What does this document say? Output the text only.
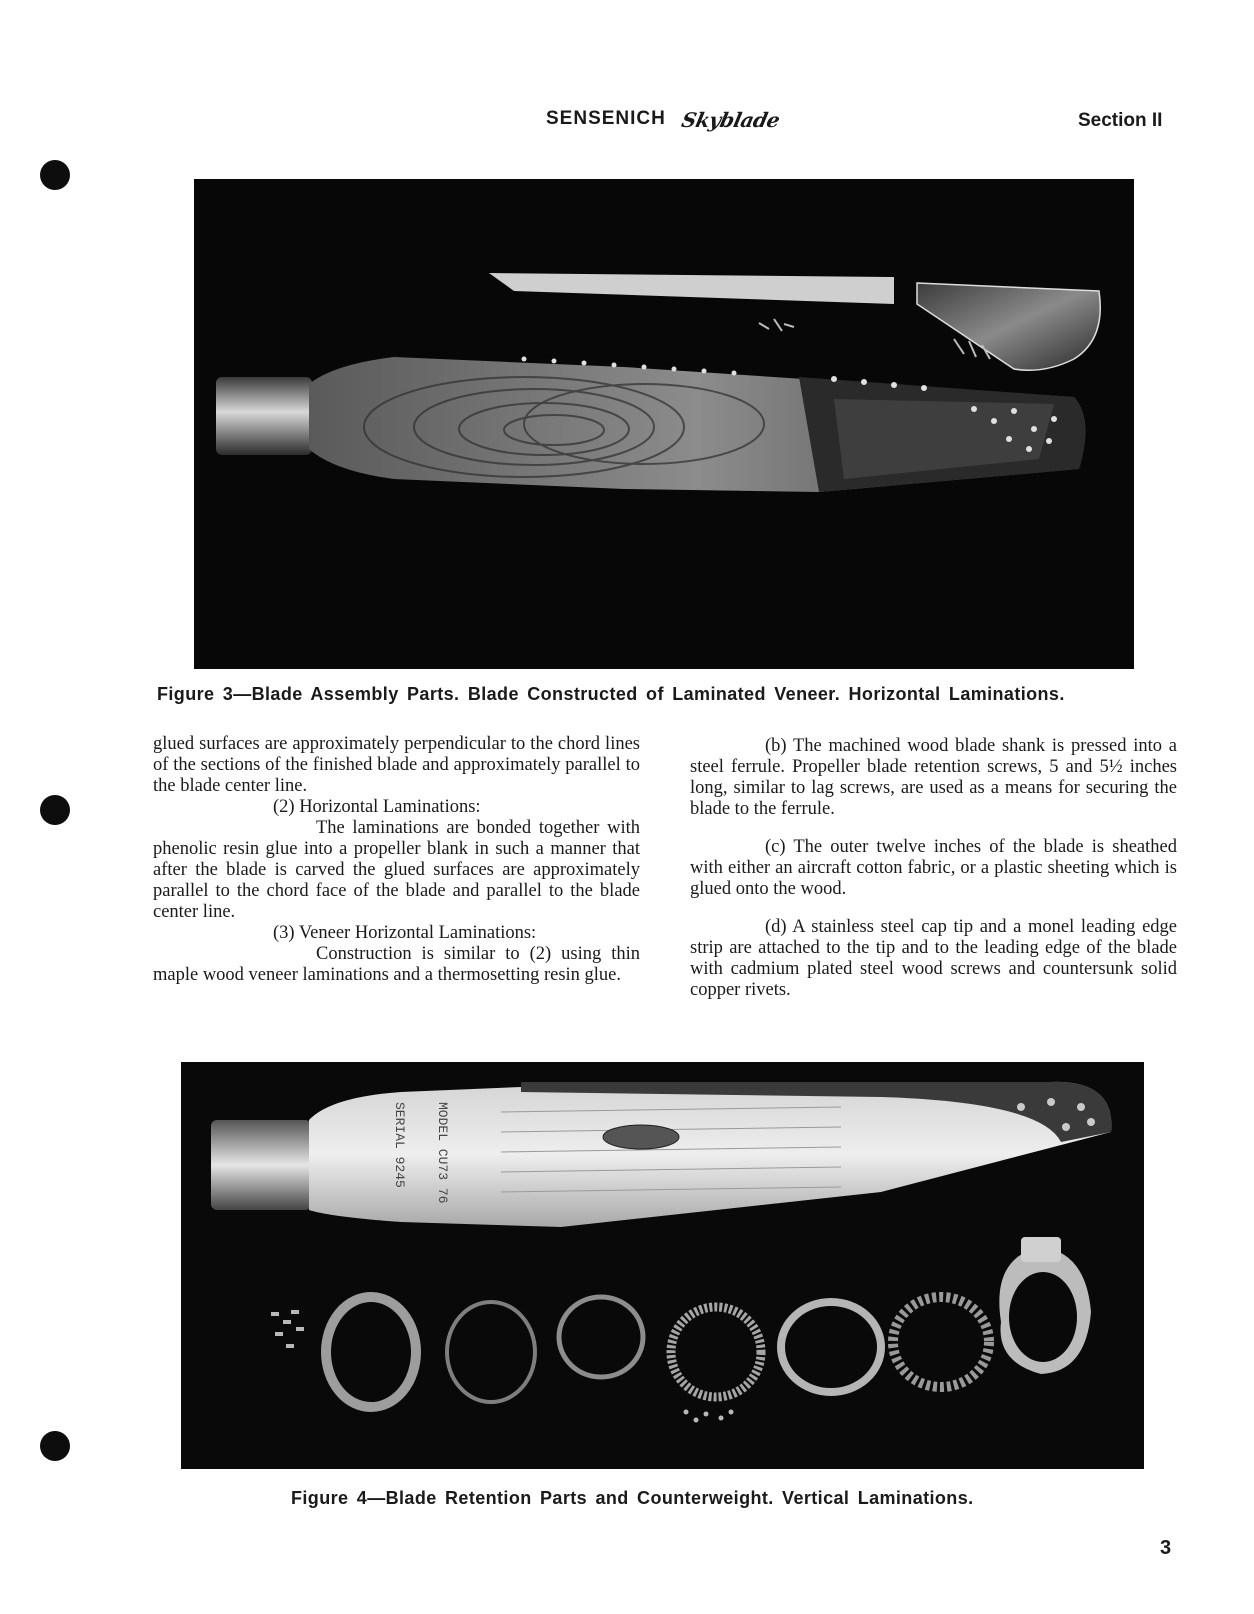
SENSENICH Skyblade	Section II
Figure 3—Blade Assembly Parts. Blade Constructed of Laminated Veneer. Horizontal Laminations.

glued surfaces are approximately perpendicular to the chord lines of the sections of the finished blade and approximately parallel to the blade center line.

(2) Horizontal Laminations:

The laminations are bonded together with phenolic resin glue into a propeller blank in such a manner that after the blade is carved the glued surfaces are approximately parallel to the chord face of the blade and parallel to the blade center line.

(3) Veneer Horizontal Laminations:

Construction is similar to (2) using thin maple wood veneer laminations and a thermosetting resin glue.

(b) The machined wood blade shank is pressed into a steel ferrule. Propeller blade retention screws, 5 and 5½ inches long, similar to lag screws, are used as a means for securing the blade to the ferrule.

(c) The outer twelve inches of the blade is sheathed with either an aircraft cotton fabric, or a plastic sheeting which is glued onto the wood.

(d) A stainless steel cap tip and a monel leading edge strip are attached to the tip and to the leading edge of the blade with cadmium plated steel wood screws and countersunk solid copper rivets.

MODEL CU73 76
SERIAL 9245
Figure 4—Blade Retention Parts and Counterweight. Vertical Laminations.
3
